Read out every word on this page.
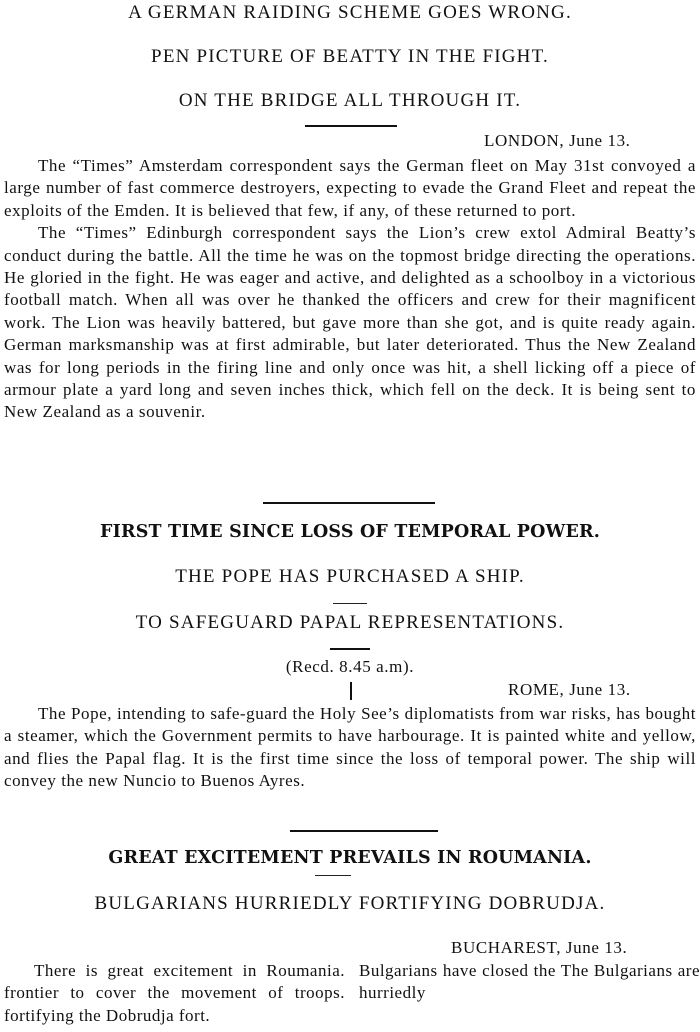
A GERMAN RAIDING SCHEME GOES WRONG.
PEN PICTURE OF BEATTY IN THE FIGHT.
ON THE BRIDGE ALL THROUGH IT.
LONDON, June 13.

The “Times” Amsterdam correspondent says the German fleet on May 31st convoyed a large number of fast commerce destroyers, expecting to evade the Grand Fleet and repeat the exploits of the Emden. It is believed that few, if any, of these returned to port.

The “Times” Edinburgh correspondent says the Lion’s crew extol Admiral Beatty’s conduct during the battle. All the time he was on the topmost bridge directing the operations. He gloried in the fight. He was eager and active, and delighted as a schoolboy in a victorious football match. When all was over he thanked the officers and crew for their magnificent work. The Lion was heavily battered, but gave more than she got, and is quite ready again. German marksmanship was at first admirable, but later deteriorated. Thus the New Zealand was for long periods in the firing line and only once was hit, a shell licking off a piece of armour plate a yard long and seven inches thick, which fell on the deck. It is being sent to New Zealand as a souvenir.

FIRST TIME SINCE LOSS OF TEMPORAL POWER.
THE POPE HAS PURCHASED A SHIP.
TO SAFEGUARD PAPAL REPRESENTATIONS.
(Recd. 8.45 a.m).
ROME, June 13.

The Pope, intending to safe-guard the Holy See’s diplomatists from war risks, has bought a steamer, which the Government permits to have harbourage. It is painted white and yellow, and flies the Papal flag. It is the first time since the loss of temporal power. The ship will convey the new Nuncio to Buenos Ayres.

GREAT EXCITEMENT PREVAILS IN ROUMANIA.
BULGARIANS HURRIEDLY FORTIFYING DOBRUDJA.
BUCHAREST, June 13.

There is great excitement in Roumania. frontier to cover the movement of troops. fortifying the Dobrudja fort.

Bulgarians have closed the The Bulgarians are hurriedly
